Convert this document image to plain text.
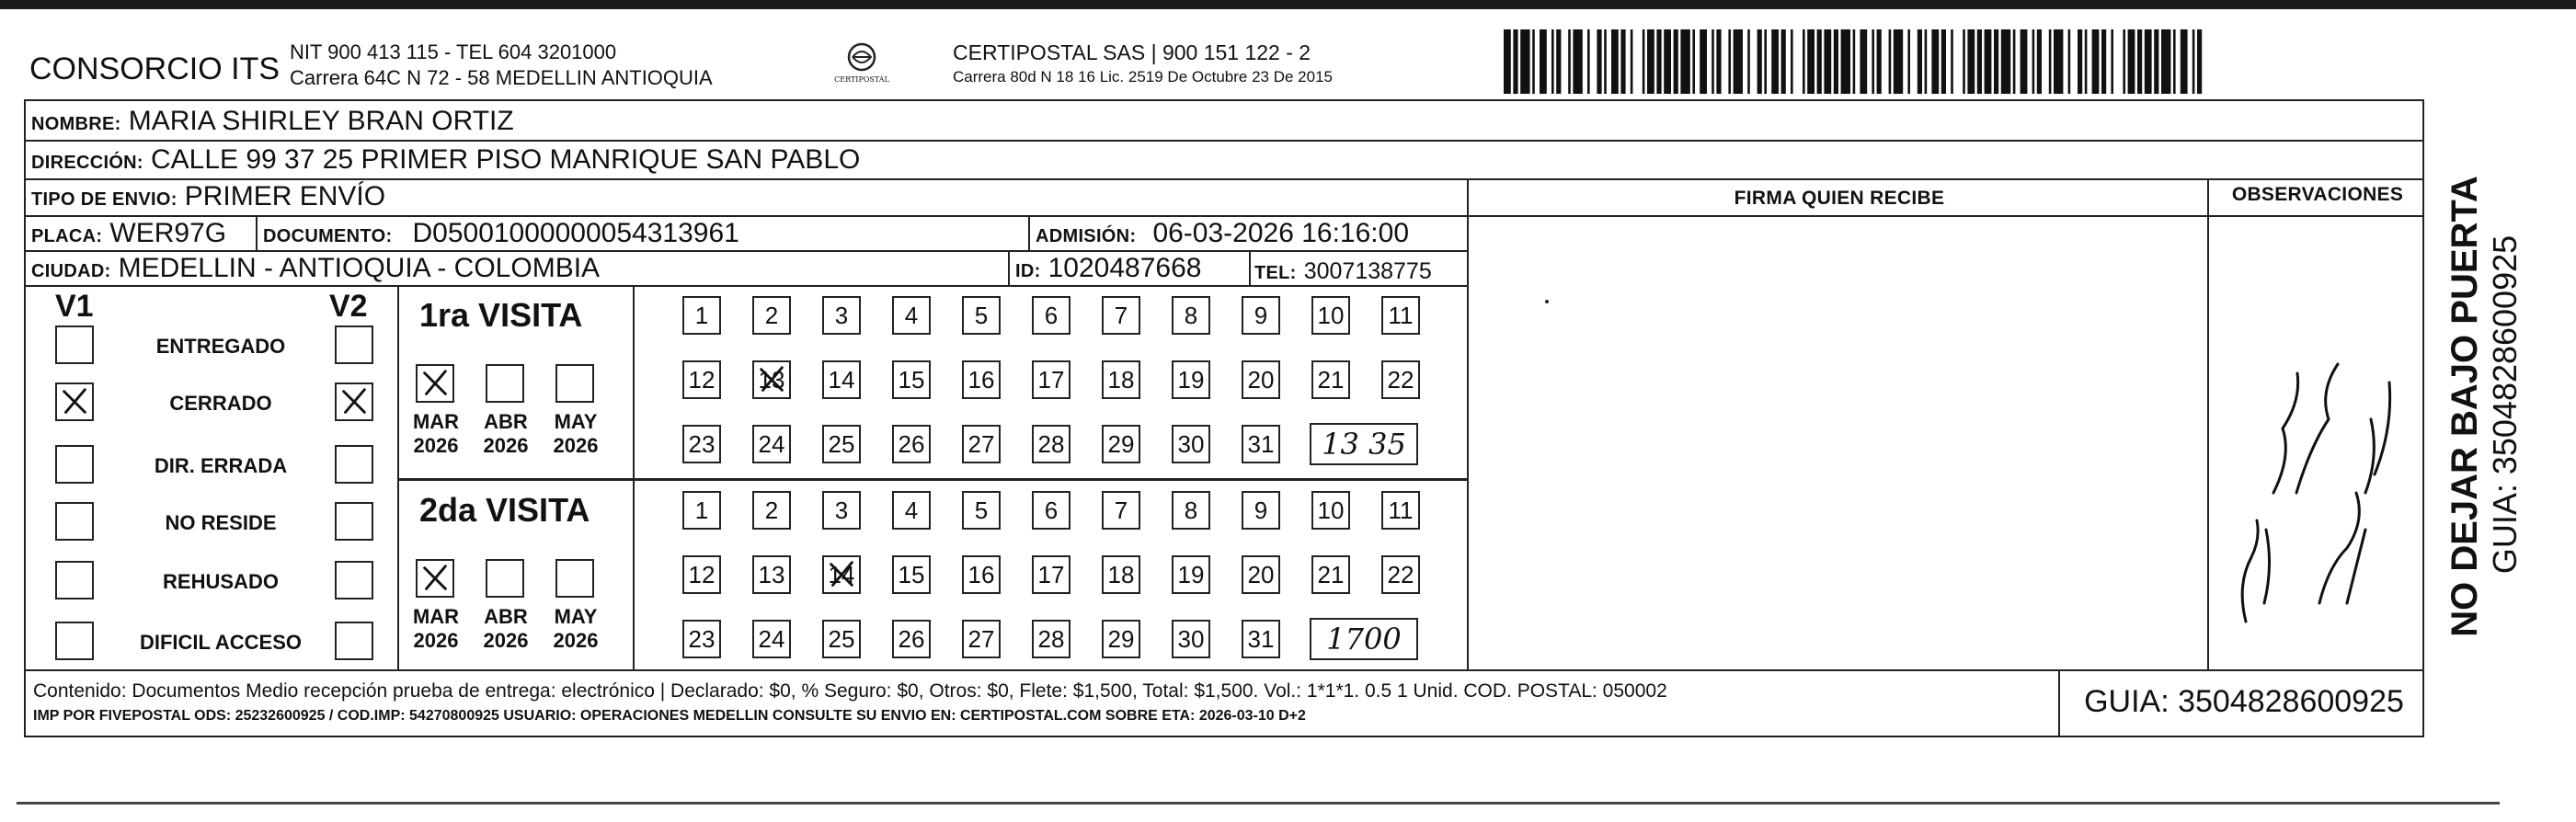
CONSORCIO ITS NIT 900 413 115 - TEL 604 3201000
Carrera 64C N 72 - 58 MEDELLIN ANTIOQUIA	CERTIPOSTAL
CERTIPOSTAL SAS | 900 151 122 - 2
Carrera 80d N 18 16 Lic. 2519 De Octubre 23 De 2015
NOMBRE: MARIA SHIRLEY BRAN ORTIZ
DIRECCIÓN: CALLE 99 37 25 PRIMER PISO MANRIQUE SAN PABLO
TIPO DE ENVIO: PRIMER ENVÍO	FIRMA QUIEN RECIBE	OBSERVACIONES
PLACA: WER97G DOCUMENTO: D05001000000054313961	ADMISIÓN: 06-03-2026 16:16:00
CIUDAD: MEDELLIN - ANTIOQUIA - COLOMBIA	ID: 1020487668	TEL: 3007138775
V1	V2
ENTREGADO
CERRADO
DIR. ERRADA
NO RESIDE
REHUSADO
DIFICIL ACCESO
1ra VISITA
MAR
2026
ABR
2026
MAY
2026
1 2 3 4 5 6 7 8 9 10 11
12 13 14 15 16 17 18 19 20 21 22
23 24 25 26 27 28 29 30 31	13 35
2da VISITA
MAR
2026
ABR
2026
MAY
2026
1 2 3 4 5 6 7 8 9 10 11
12 13 14 15 16 17 18 19 20 21 22
23 24 25 26 27 28 29 30 31	1700
NO DEJAR BAJO PUERTA GUIA: 3504828600925
Contenido: Documentos Medio recepción prueba de entrega: electrónico | Declarado: $0, % Seguro: $0, Otros: $0, Flete: $1,500, Total: $1,500. Vol.: 1*1*1. 0.5 1 Unid. COD. POSTAL: 050002
IMP POR FIVEPOSTAL ODS: 25232600925 / COD.IMP: 54270800925 USUARIO: OPERACIONES MEDELLIN CONSULTE SU ENVIO EN: CERTIPOSTAL.COM SOBRE ETA: 2026-03-10 D+2	GUIA: 3504828600925
